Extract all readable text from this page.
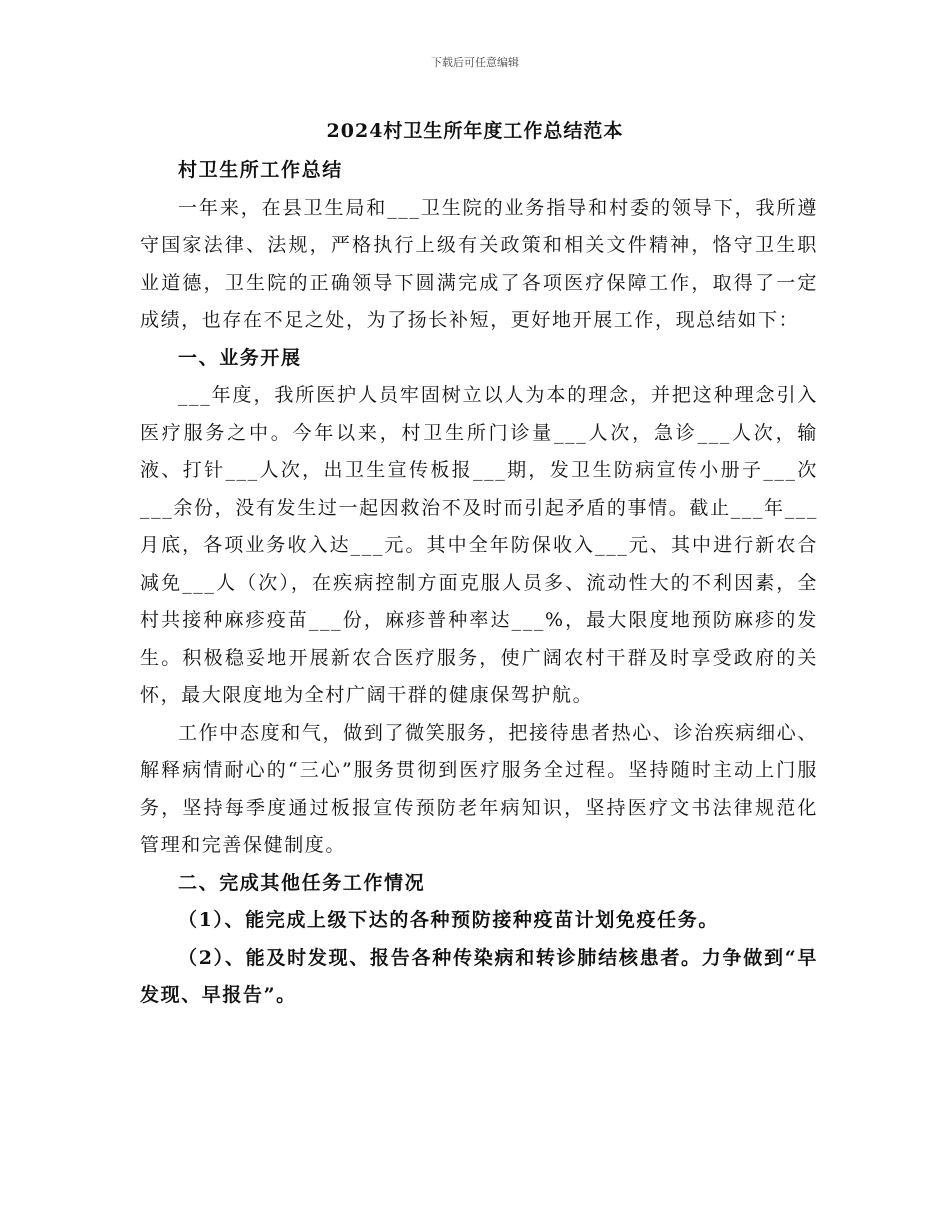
下载后可任意编辑
2024村卫生所年度工作总结范本

村卫生所工作总结

一年来，在县卫生局和___卫生院的业务指导和村委的领导下，我所遵守国家法律、法规，严格执行上级有关政策和相关文件精神，恪守卫生职业道德，卫生院的正确领导下圆满完成了各项医疗保障工作，取得了一定成绩，也存在不足之处，为了扬长补短，更好地开展工作，现总结如下：

一、业务开展

___年度，我所医护人员牢固树立以人为本的理念，并把这种理念引入医疗服务之中。今年以来，村卫生所门诊量___人次，急诊___人次，输液、打针___人次，出卫生宣传板报___期，发卫生防病宣传小册子___次___余份，没有发生过一起因救治不及时而引起矛盾的事情。截止___年___月底，各项业务收入达___元。其中全年防保收入___元、其中进行新农合减免___人（次），在疾病控制方面克服人员多、流动性大的不利因素，全村共接种麻疹疫苗___份，麻疹普种率达___%，最大限度地预防麻疹的发生。积极稳妥地开展新农合医疗服务，使广阔农村干群及时享受政府的关怀，最大限度地为全村广阔干群的健康保驾护航。

工作中态度和气，做到了微笑服务，把接待患者热心、诊治疾病细心、解释病情耐心的“三心”服务贯彻到医疗服务全过程。坚持随时主动上门服务，坚持每季度通过板报宣传预防老年病知识，坚持医疗文书法律规范化管理和完善保健制度。

二、完成其他任务工作情况

（1）、能完成上级下达的各种预防接种疫苗计划免疫任务。

（2）、能及时发现、报告各种传染病和转诊肺结核患者。力争做到“早发现、早报告”。
